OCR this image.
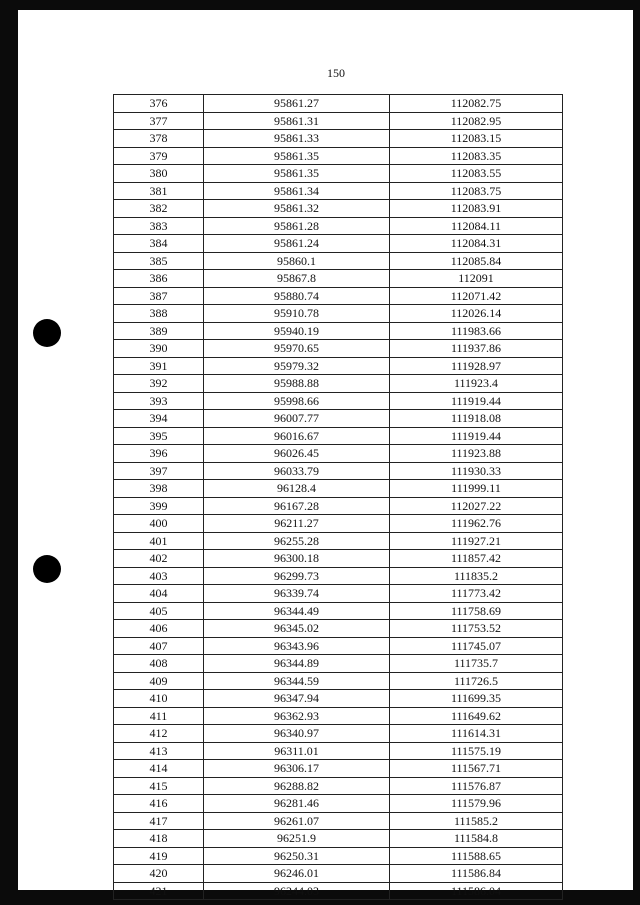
150
376	95861.27	112082.75
377	95861.31	112082.95
378	95861.33	112083.15
379	95861.35	112083.35
380	95861.35	112083.55
381	95861.34	112083.75
382	95861.32	112083.91
383	95861.28	112084.11
384	95861.24	112084.31
385	95860.1	112085.84
386	95867.8	112091
387	95880.74	112071.42
388	95910.78	112026.14
389	95940.19	111983.66
390	95970.65	111937.86
391	95979.32	111928.97
392	95988.88	111923.4
393	95998.66	111919.44
394	96007.77	111918.08
395	96016.67	111919.44
396	96026.45	111923.88
397	96033.79	111930.33
398	96128.4	111999.11
399	96167.28	112027.22
400	96211.27	111962.76
401	96255.28	111927.21
402	96300.18	111857.42
403	96299.73	111835.2
404	96339.74	111773.42
405	96344.49	111758.69
406	96345.02	111753.52
407	96343.96	111745.07
408	96344.89	111735.7
409	96344.59	111726.5
410	96347.94	111699.35
411	96362.93	111649.62
412	96340.97	111614.31
413	96311.01	111575.19
414	96306.17	111567.71
415	96288.82	111576.87
416	96281.46	111579.96
417	96261.07	111585.2
418	96251.9	111584.8
419	96250.31	111588.65
420	96246.01	111586.84
421	96244.03	111586.04
